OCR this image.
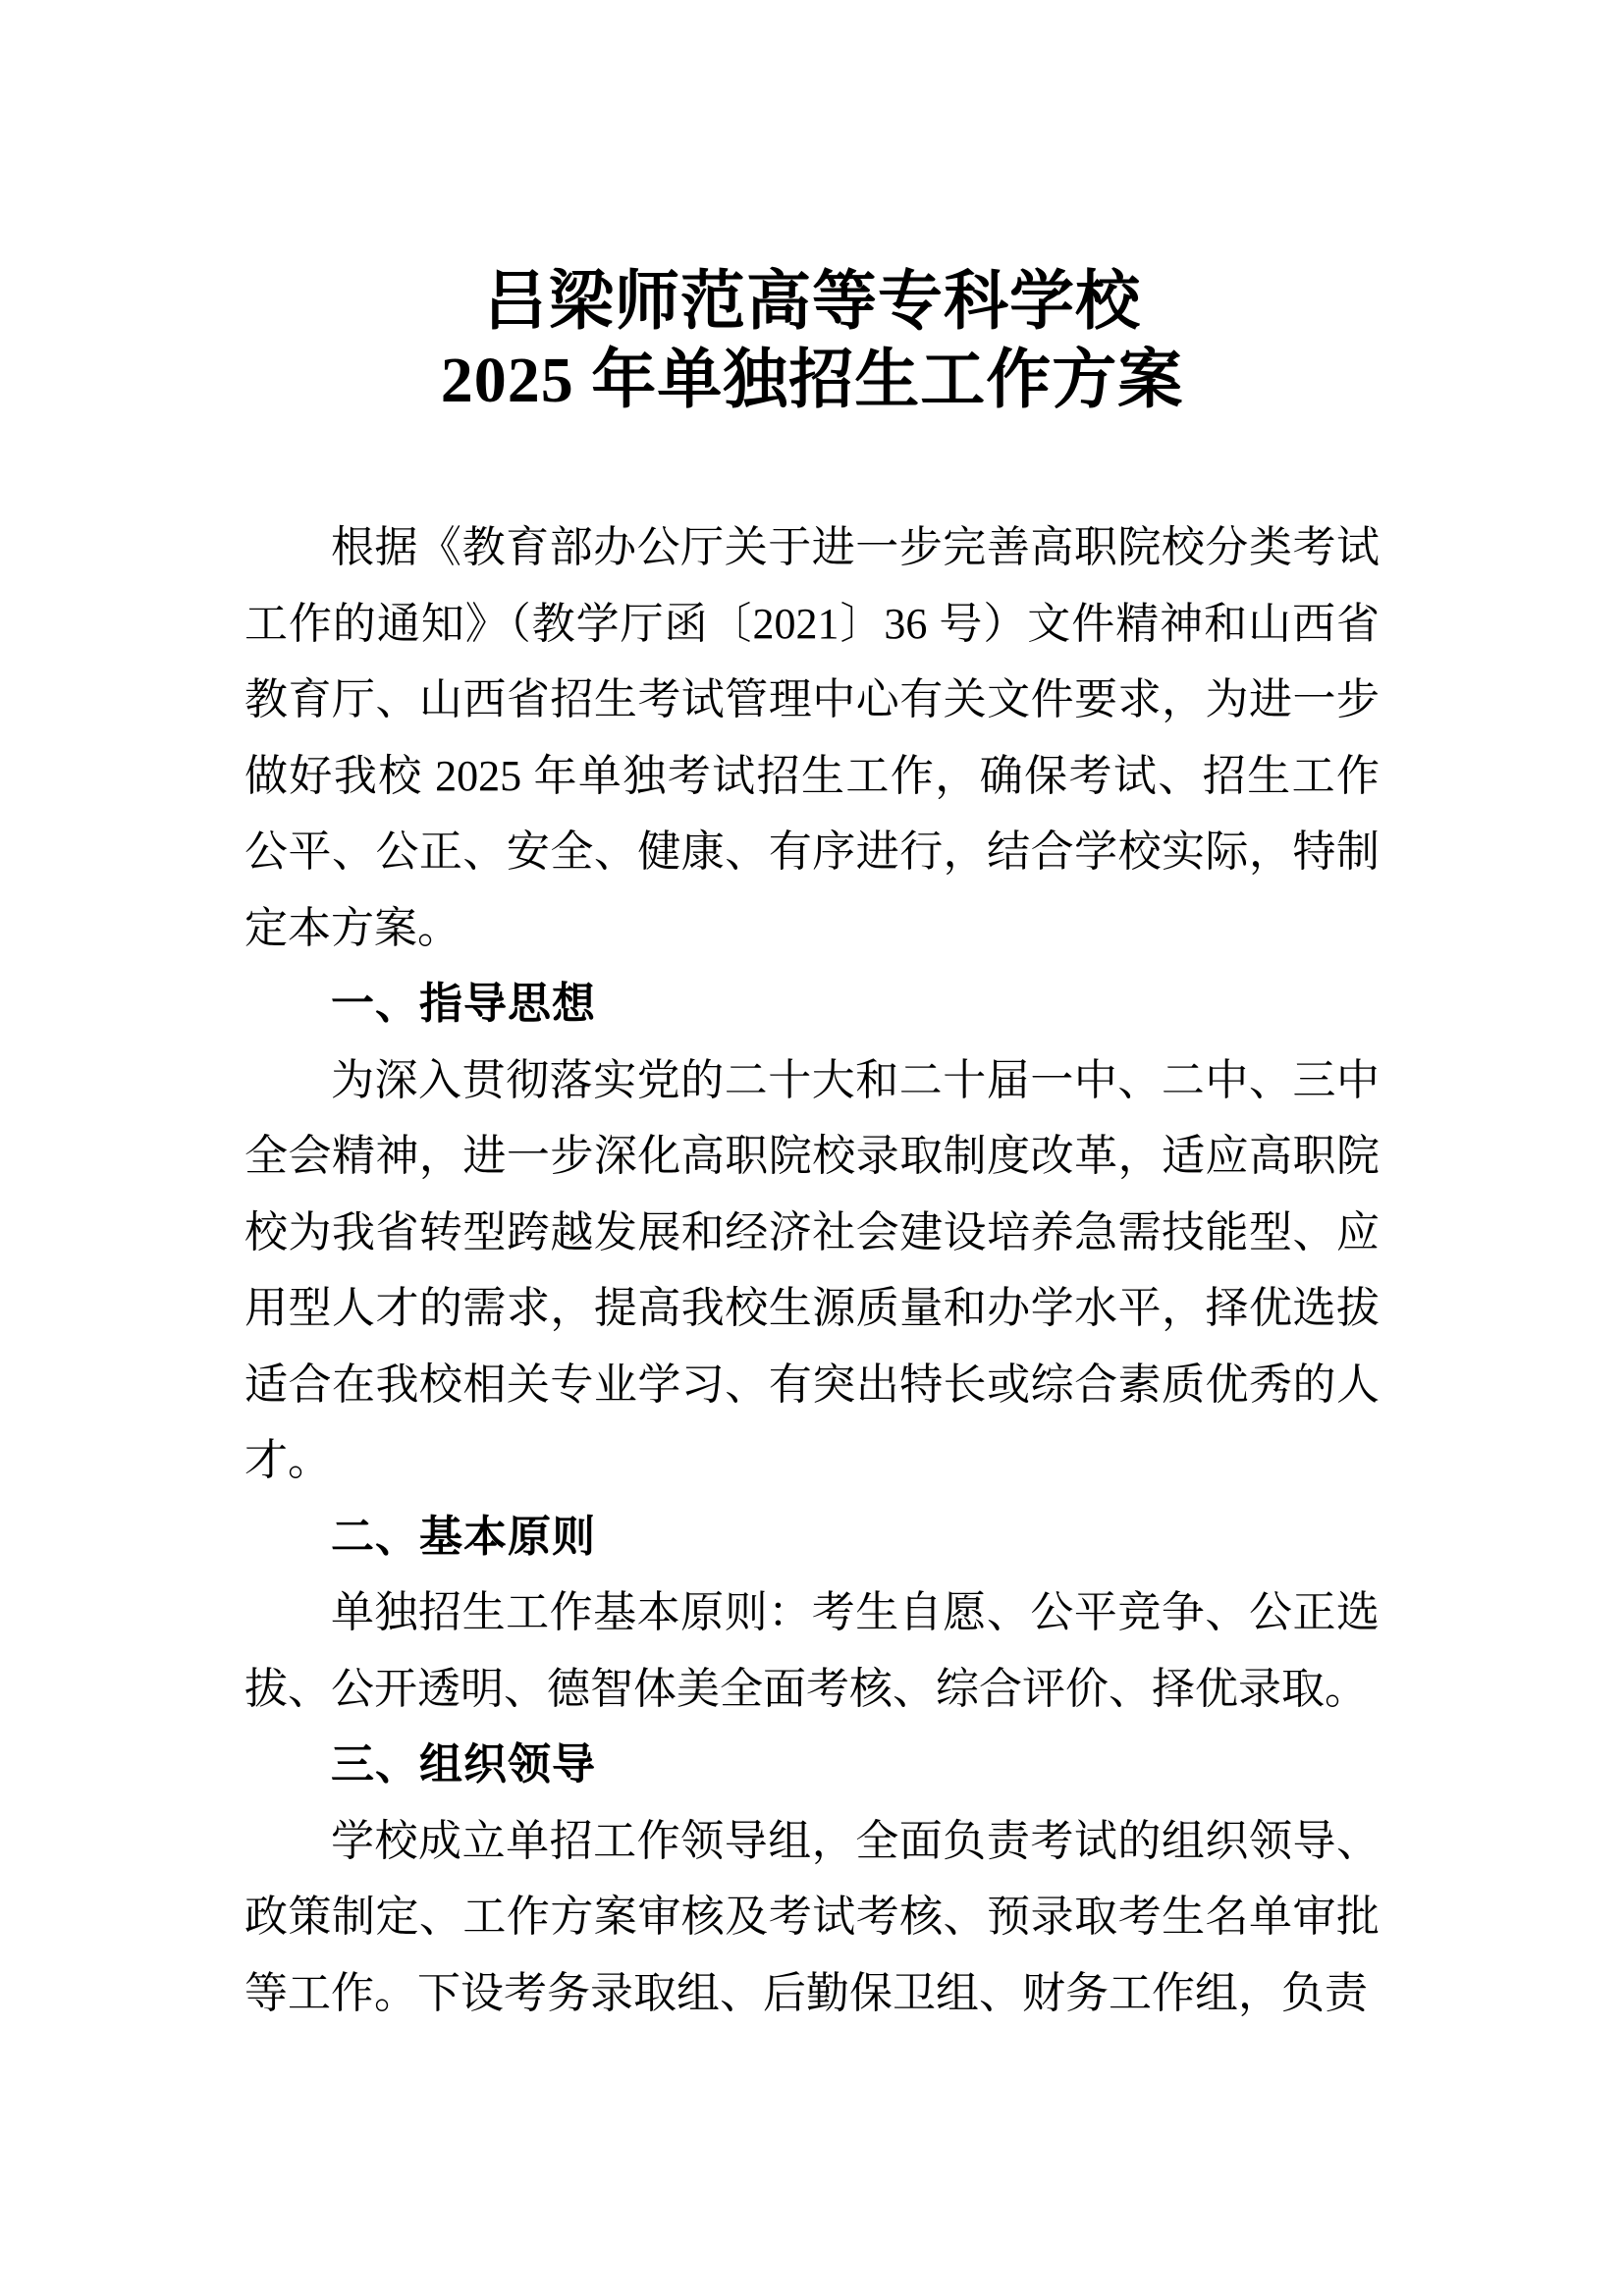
吕梁师范高等专科学校
2025 年单独招生工作方案

根据《教育部办公厅关于进一步完善高职院校分类考试工作的通知》（教学厅函〔2021〕36 号）文件精神和山西省教育厅、山西省招生考试管理中心有关文件要求，为进一步做好我校 2025 年单独考试招生工作，确保考试、招生工作公平、公正、安全、健康、有序进行，结合学校实际，特制定本方案。

一、指导思想

为深入贯彻落实党的二十大和二十届一中、二中、三中全会精神，进一步深化高职院校录取制度改革，适应高职院校为我省转型跨越发展和经济社会建设培养急需技能型、应用型人才的需求，提高我校生源质量和办学水平，择优选拔适合在我校相关专业学习、有突出特长或综合素质优秀的人才。

二、基本原则

单独招生工作基本原则：考生自愿、公平竞争、公正选拔、公开透明、德智体美全面考核、综合评价、择优录取。

三、组织领导

学校成立单招工作领导组，全面负责考试的组织领导、政策制定、工作方案审核及考试考核、预录取考生名单审批等工作。下设考务录取组、后勤保卫组、财务工作组，负责
